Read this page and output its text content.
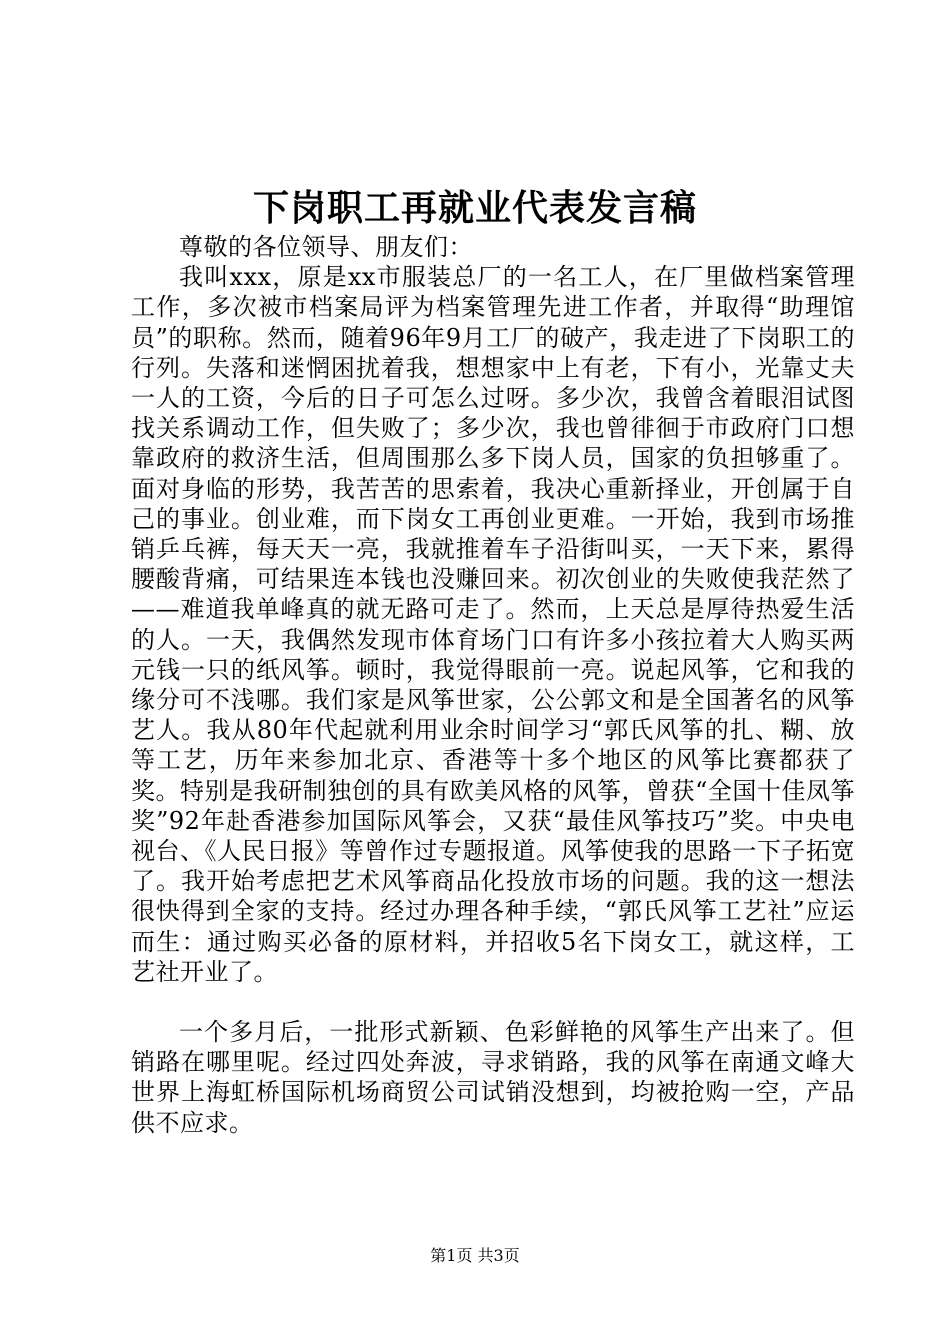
下岗职工再就业代表发言稿

尊敬的各位领导、朋友们：

我叫xxx，原是xx市服装总厂的一名工人，在厂里做档案管理工作，多次被市档案局评为档案管理先进工作者，并取得“助理馆员”的职称。然而，随着96年9月工厂的破产，我走进了下岗职工的行列。失落和迷惘困扰着我，想想家中上有老，下有小，光靠丈夫一人的工资，今后的日子可怎么过呀。多少次，我曾含着眼泪试图找关系调动工作，但失败了；多少次，我也曾徘徊于市政府门口想靠政府的救济生活，但周围那么多下岗人员，国家的负担够重了。面对身临的形势，我苦苦的思索着，我决心重新择业，开创属于自己的事业。创业难，而下岗女工再创业更难。一开始，我到市场推销乒乓裤，每天天一亮，我就推着车子沿街叫买，一天下来，累得腰酸背痛，可结果连本钱也没赚回来。初次创业的失败使我茫然了——难道我单峰真的就无路可走了。然而，上天总是厚待热爱生活的人。一天，我偶然发现市体育场门口有许多小孩拉着大人购买两元钱一只的纸风筝。顿时，我觉得眼前一亮。说起风筝，它和我的缘分可不浅哪。我们家是风筝世家，公公郭文和是全国著名的风筝艺人。我从80年代起就利用业余时间学习“郭氏风筝的扎、糊、放等工艺，历年来参加北京、香港等十多个地区的风筝比赛都获了奖。特别是我研制独创的具有欧美风格的风筝，曾获“全国十佳凤筝奖”92年赴香港参加国际风筝会，又获“最佳风筝技巧”奖。中央电视台、《人民日报》等曾作过专题报道。风筝使我的思路一下子拓宽了。我开始考虑把艺术风筝商品化投放市场的问题。我的这一想法很快得到全家的支持。经过办理各种手续，“郭氏风筝工艺社”应运而生：通过购买必备的原材料，并招收5名下岗女工，就这样，工艺社开业了。

一个多月后，一批形式新颖、色彩鲜艳的风筝生产出来了。但销路在哪里呢。经过四处奔波，寻求销路，我的风筝在南通文峰大世界上海虹桥国际机场商贸公司试销没想到，均被抢购一空，产品供不应求。

第1页 共3页
